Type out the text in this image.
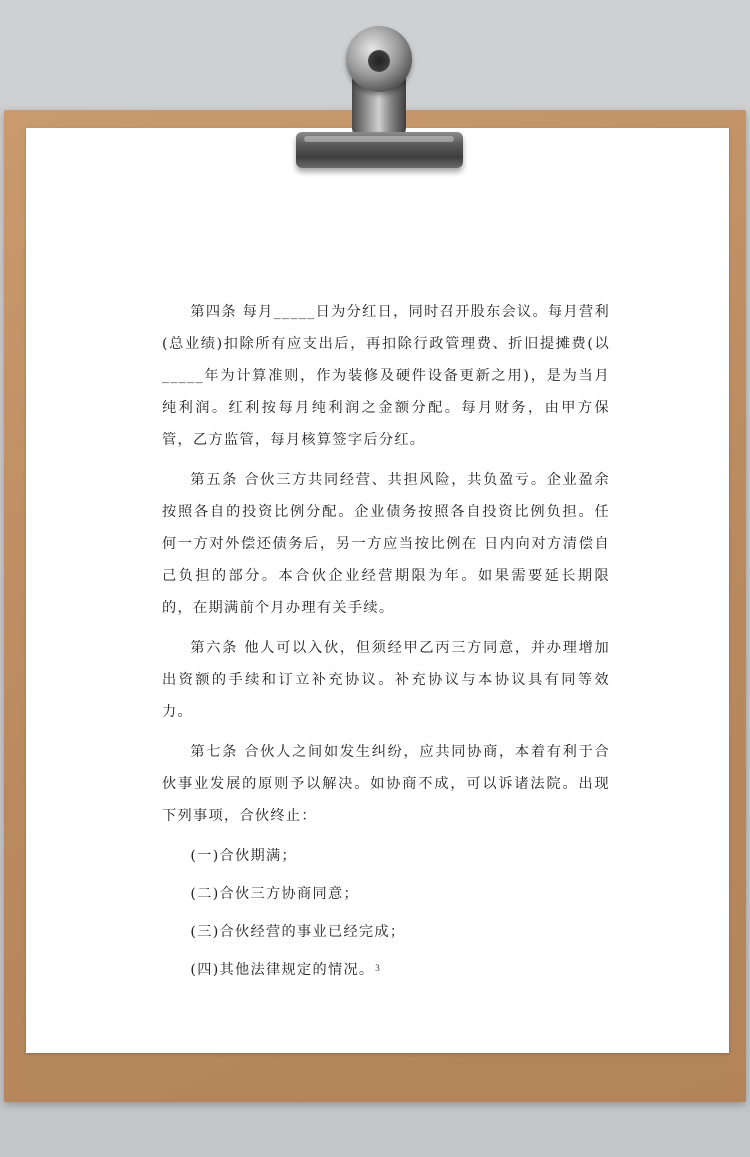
第四条 每月_____日为分红日，同时召开股东会议。每月营利(总业绩)扣除所有应支出后，再扣除行政管理费、折旧提摊费(以_____年为计算准则，作为装修及硬件设备更新之用)，是为当月纯利润。红利按每月纯利润之金额分配。每月财务，由甲方保管，乙方监管，每月核算签字后分红。

第五条 合伙三方共同经营、共担风险，共负盈亏。企业盈余按照各自的投资比例分配。企业债务按照各自投资比例负担。任何一方对外偿还债务后，另一方应当按比例在 日内向对方清偿自己负担的部分。本合伙企业经营期限为年。如果需要延长期限的，在期满前个月办理有关手续。

第六条 他人可以入伙，但须经甲乙丙三方同意，并办理增加出资额的手续和订立补充协议。补充协议与本协议具有同等效力。

第七条 合伙人之间如发生纠纷，应共同协商，本着有利于合伙事业发展的原则予以解决。如协商不成，可以诉诸法院。出现下列事项，合伙终止：

(一)合伙期满；

(二)合伙三方协商同意；

(三)合伙经营的事业已经完成；

(四)其他法律规定的情况。 3
